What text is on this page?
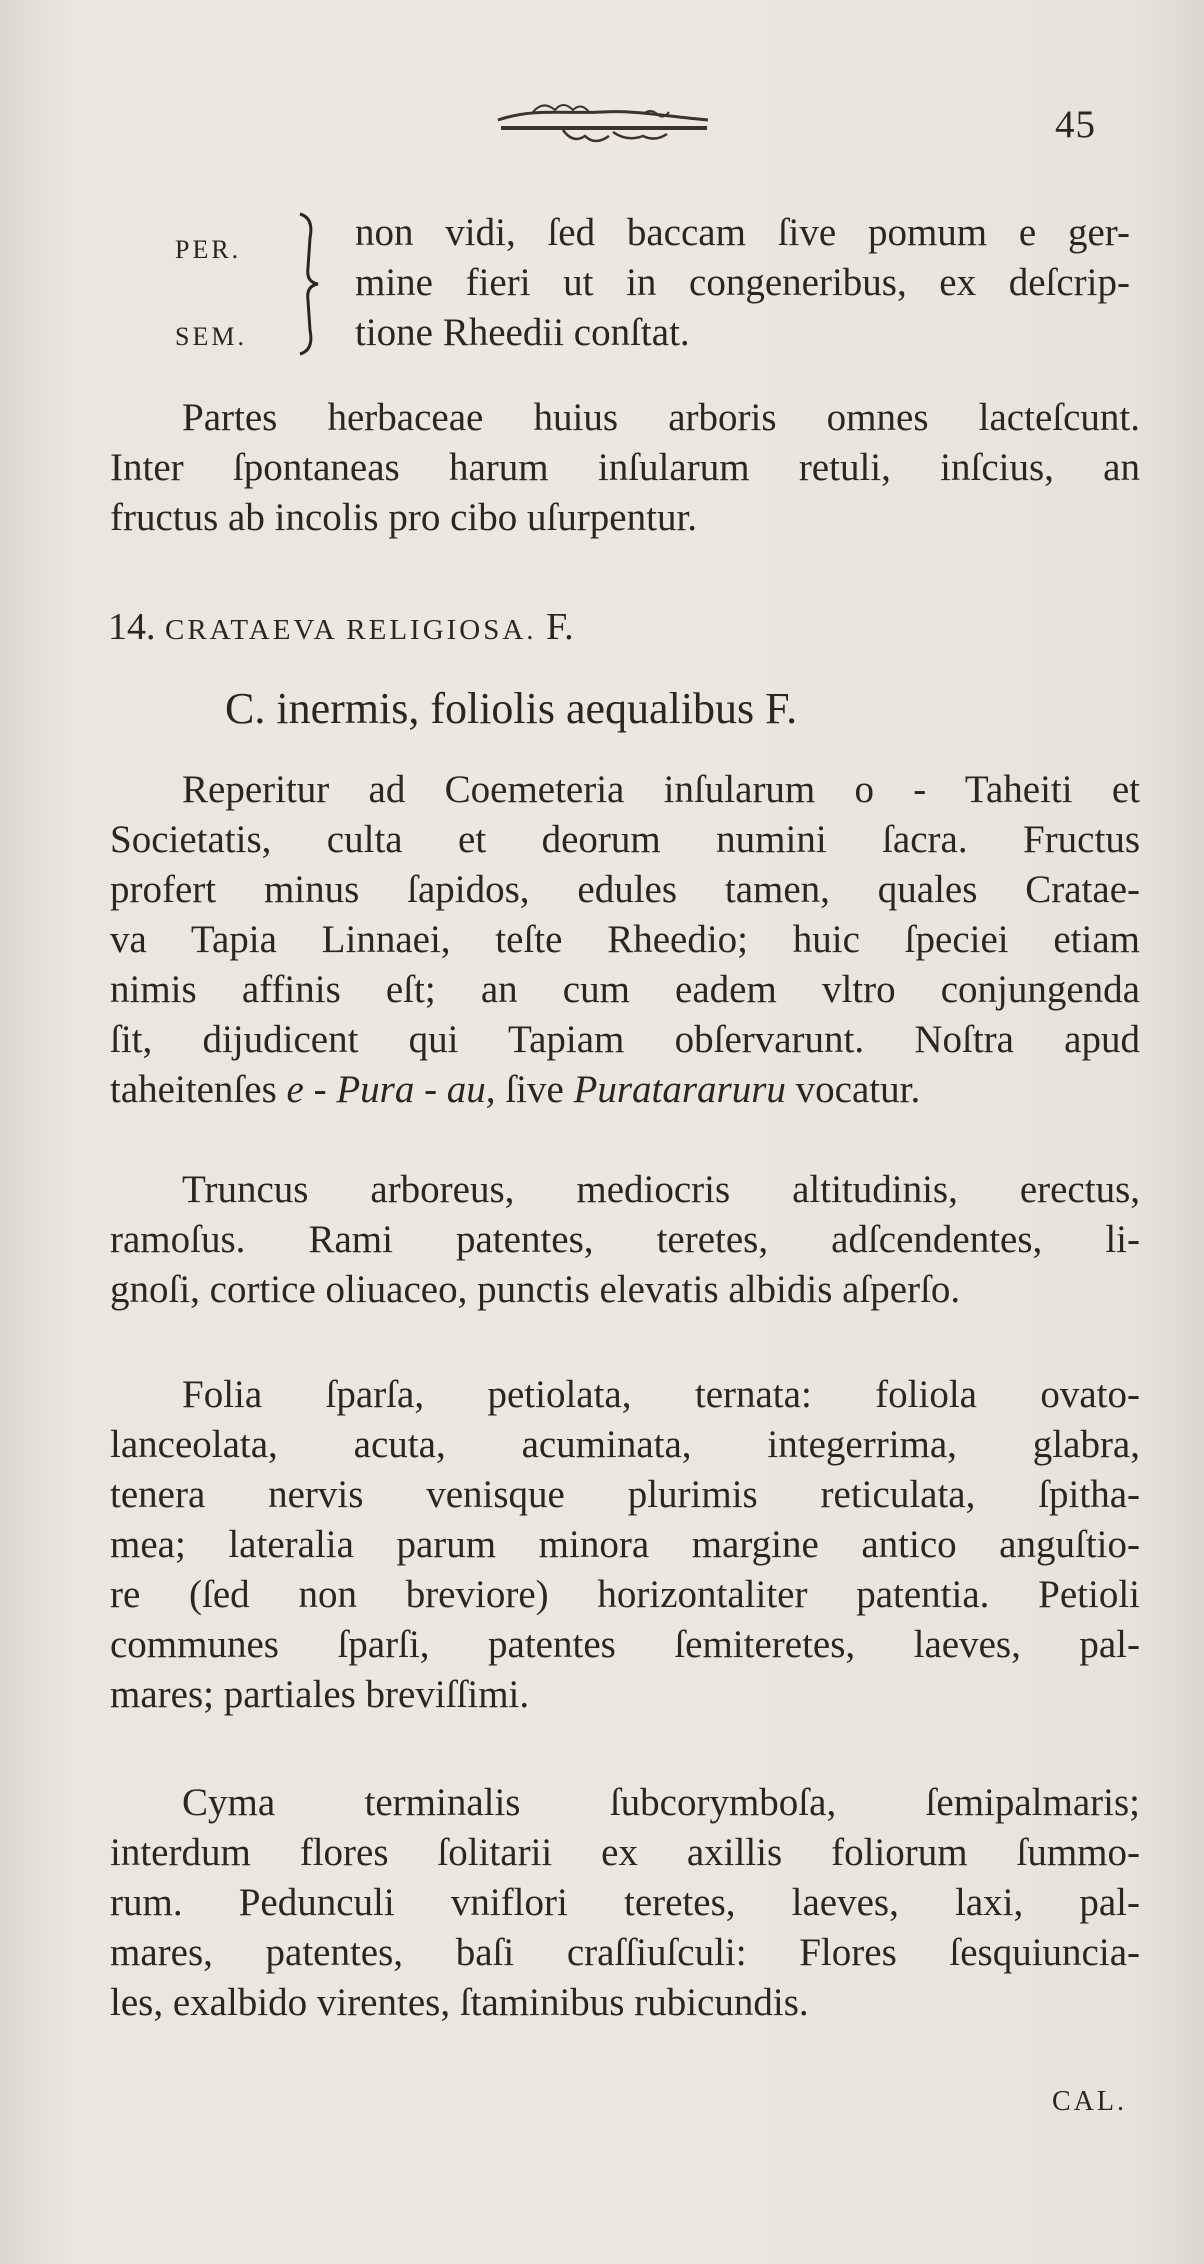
45
PER.
SEM.
non vidi, ſed baccam ſive pomum e ger-
mine fieri ut in congeneribus, ex deſcrip-
tione Rheedii conſtat.
Partes herbaceae huius arboris omnes lacteſcunt.
Inter ſpontaneas harum inſularum retuli, inſcius, an
fructus ab incolis pro cibo uſurpentur.
14. CRATAEVA RELIGIOSA. F.
C. inermis, foliolis aequalibus F.
Reperitur ad Coemeteria inſularum o - Taheiti et
Societatis, culta et deorum numini ſacra. Fructus
profert minus ſapidos, edules tamen, quales Cratae-
va Tapia Linnaei, teſte Rheedio; huic ſpeciei etiam
nimis affinis eſt; an cum eadem vltro conjungenda
ſit, dijudicent qui Tapiam obſervarunt. Noſtra apud
taheitenſes e - Pura - au, ſive Puratararuru vocatur.
Truncus arboreus, mediocris altitudinis, erectus,
ramoſus. Rami patentes, teretes, adſcendentes, li-
gnoſi, cortice oliuaceo, punctis elevatis albidis aſperſo.
Folia ſparſa, petiolata, ternata: foliola ovato-
lanceolata, acuta, acuminata, integerrima, glabra,
tenera nervis venisque plurimis reticulata, ſpitha-
mea; lateralia parum minora margine antico anguſtio-
re (ſed non breviore) horizontaliter patentia. Petioli
communes ſparſi, patentes ſemiteretes, laeves, pal-
mares; partiales breviſſimi.
Cyma terminalis ſubcorymboſa, ſemipalmaris;
interdum flores ſolitarii ex axillis foliorum ſummo-
rum. Pedunculi vniflori teretes, laeves, laxi, pal-
mares, patentes, baſi craſſiuſculi: Flores ſesquiuncia-
les, exalbido virentes, ſtaminibus rubicundis.
CAL.
